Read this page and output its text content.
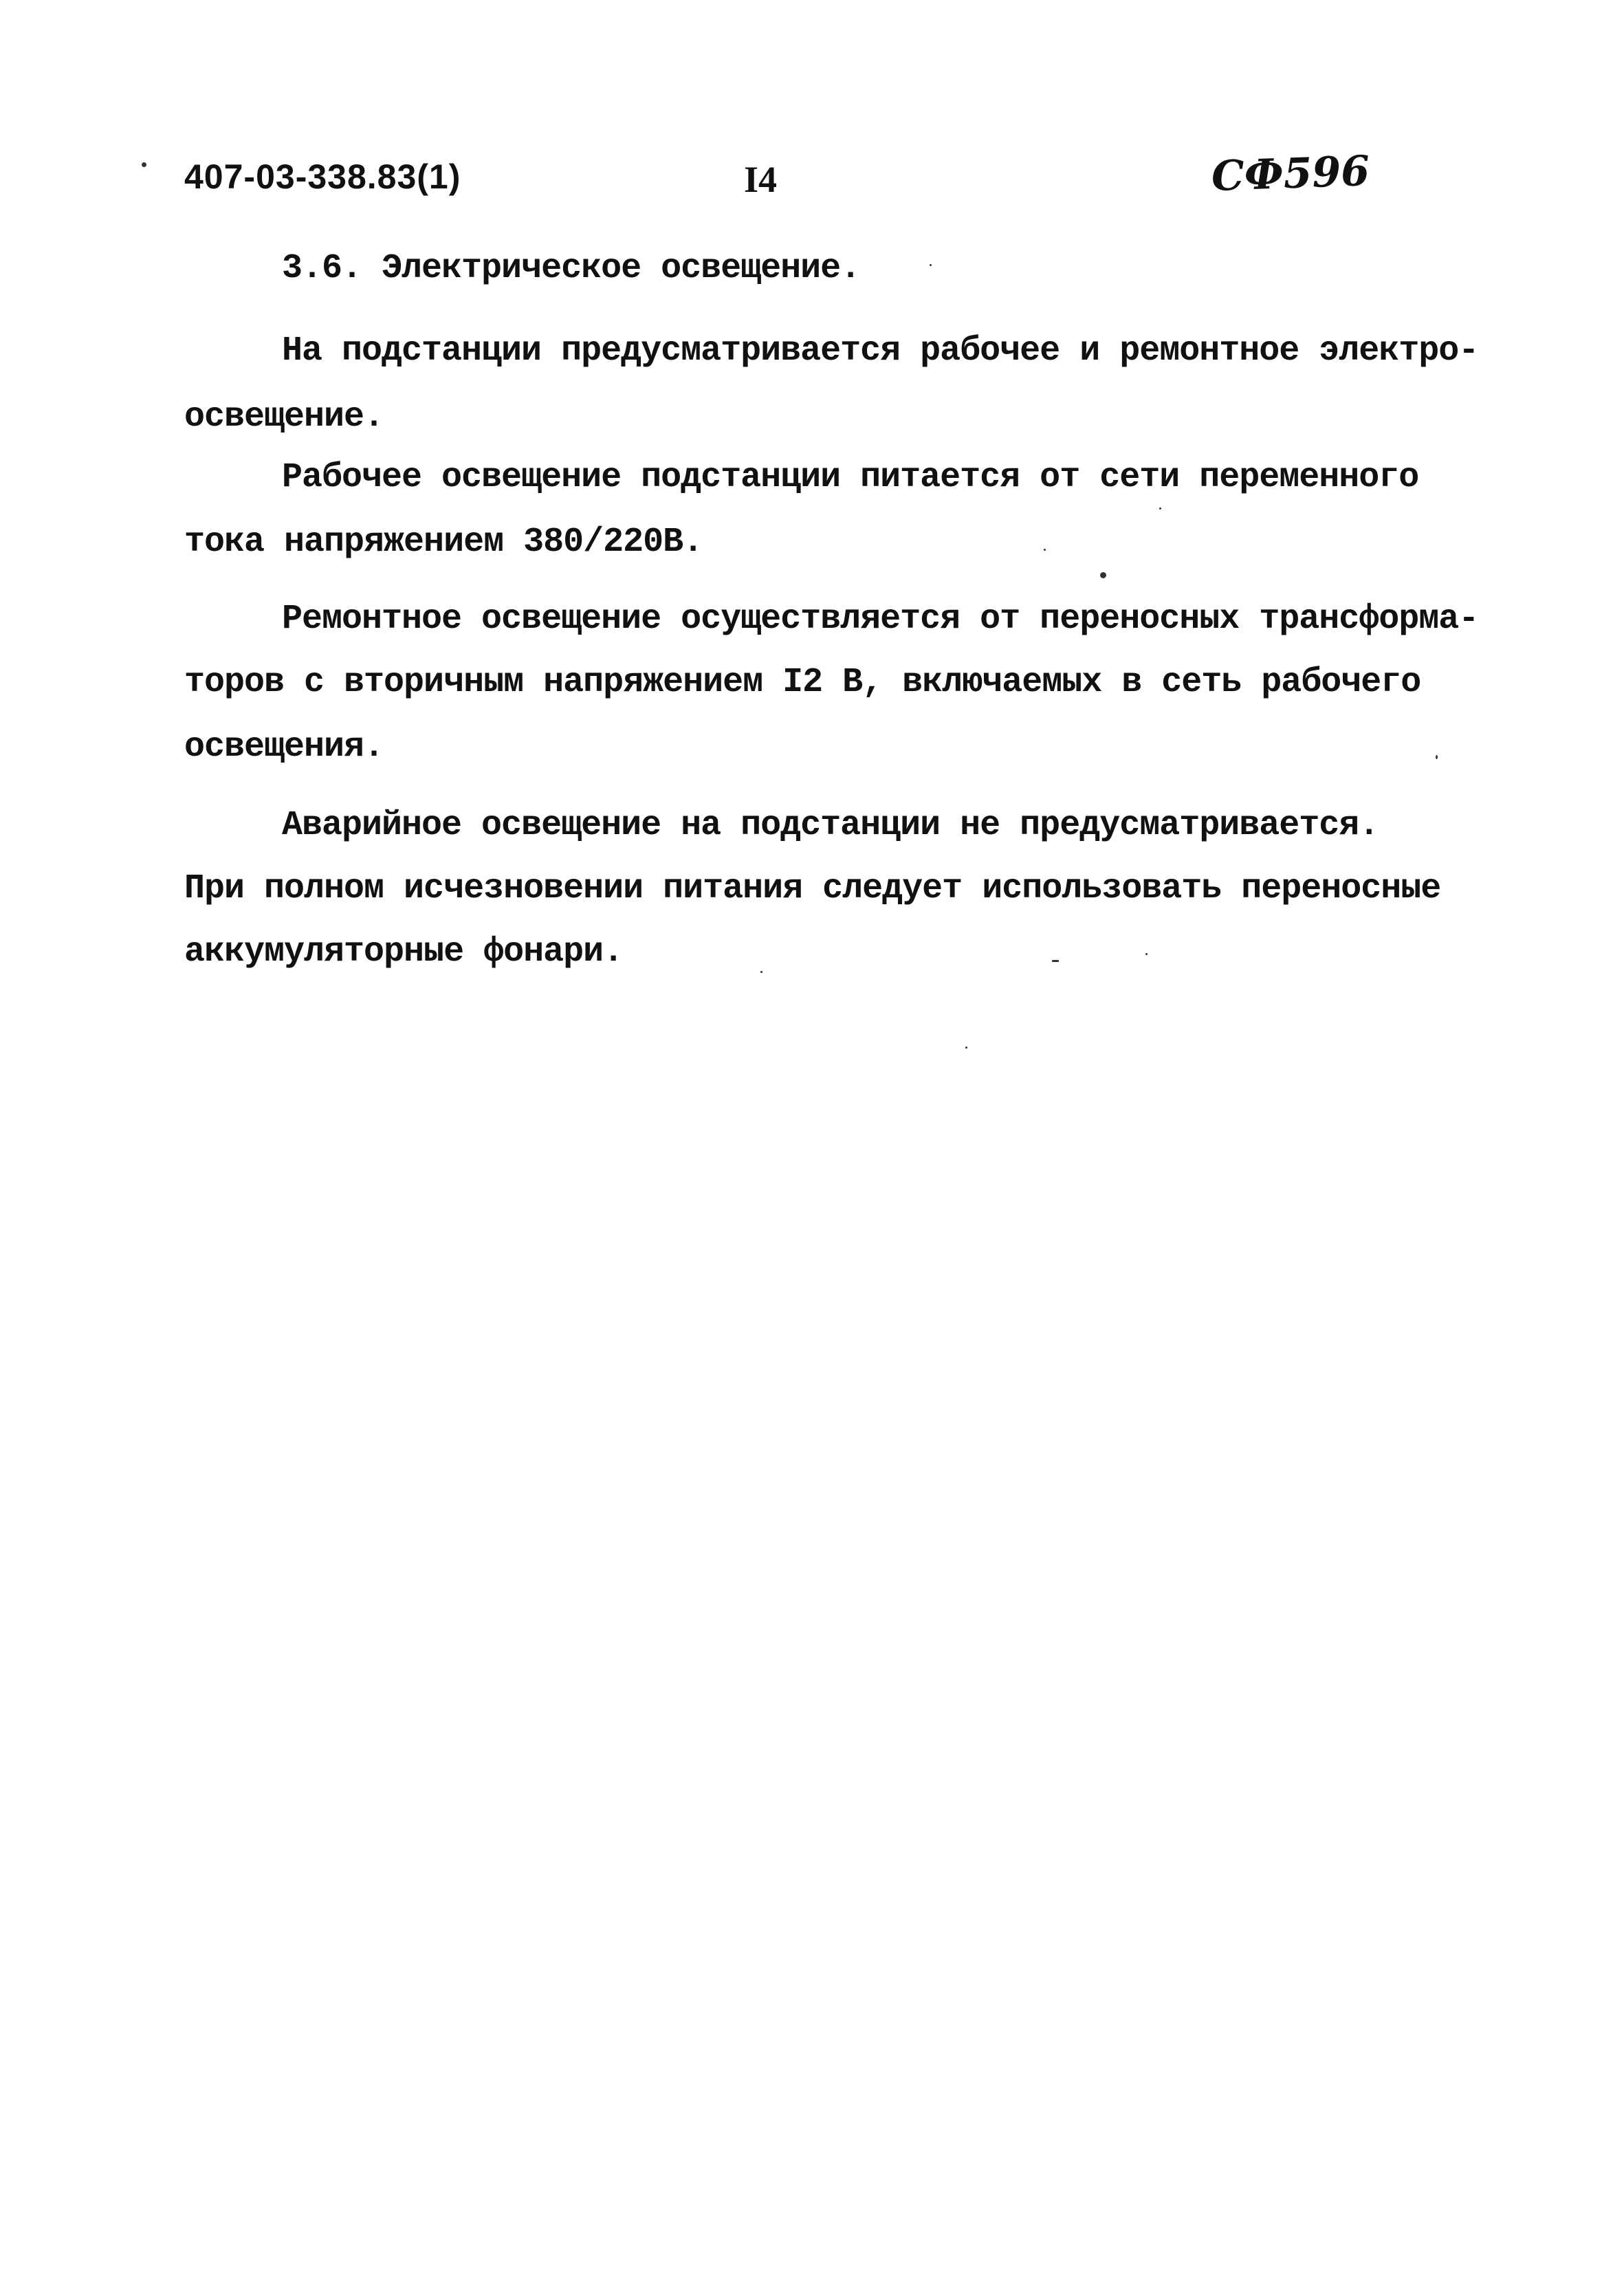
407-03-338.83(1)	I4	СФ596
3.6. Электрическое освещение.
На подстанции предусматривается рабочее и ремонтное электро-
освещение.
Рабочее освещение подстанции питается от сети переменного
тока напряжением 380/220В.
Ремонтное освещение осуществляется от переносных трансформа-
торов с вторичным напряжением I2 В, включаемых в сеть рабочего
освещения.
Аварийное освещение на подстанции не предусматривается.
При полном исчезновении питания следует использовать переносные
аккумуляторные фонари.
